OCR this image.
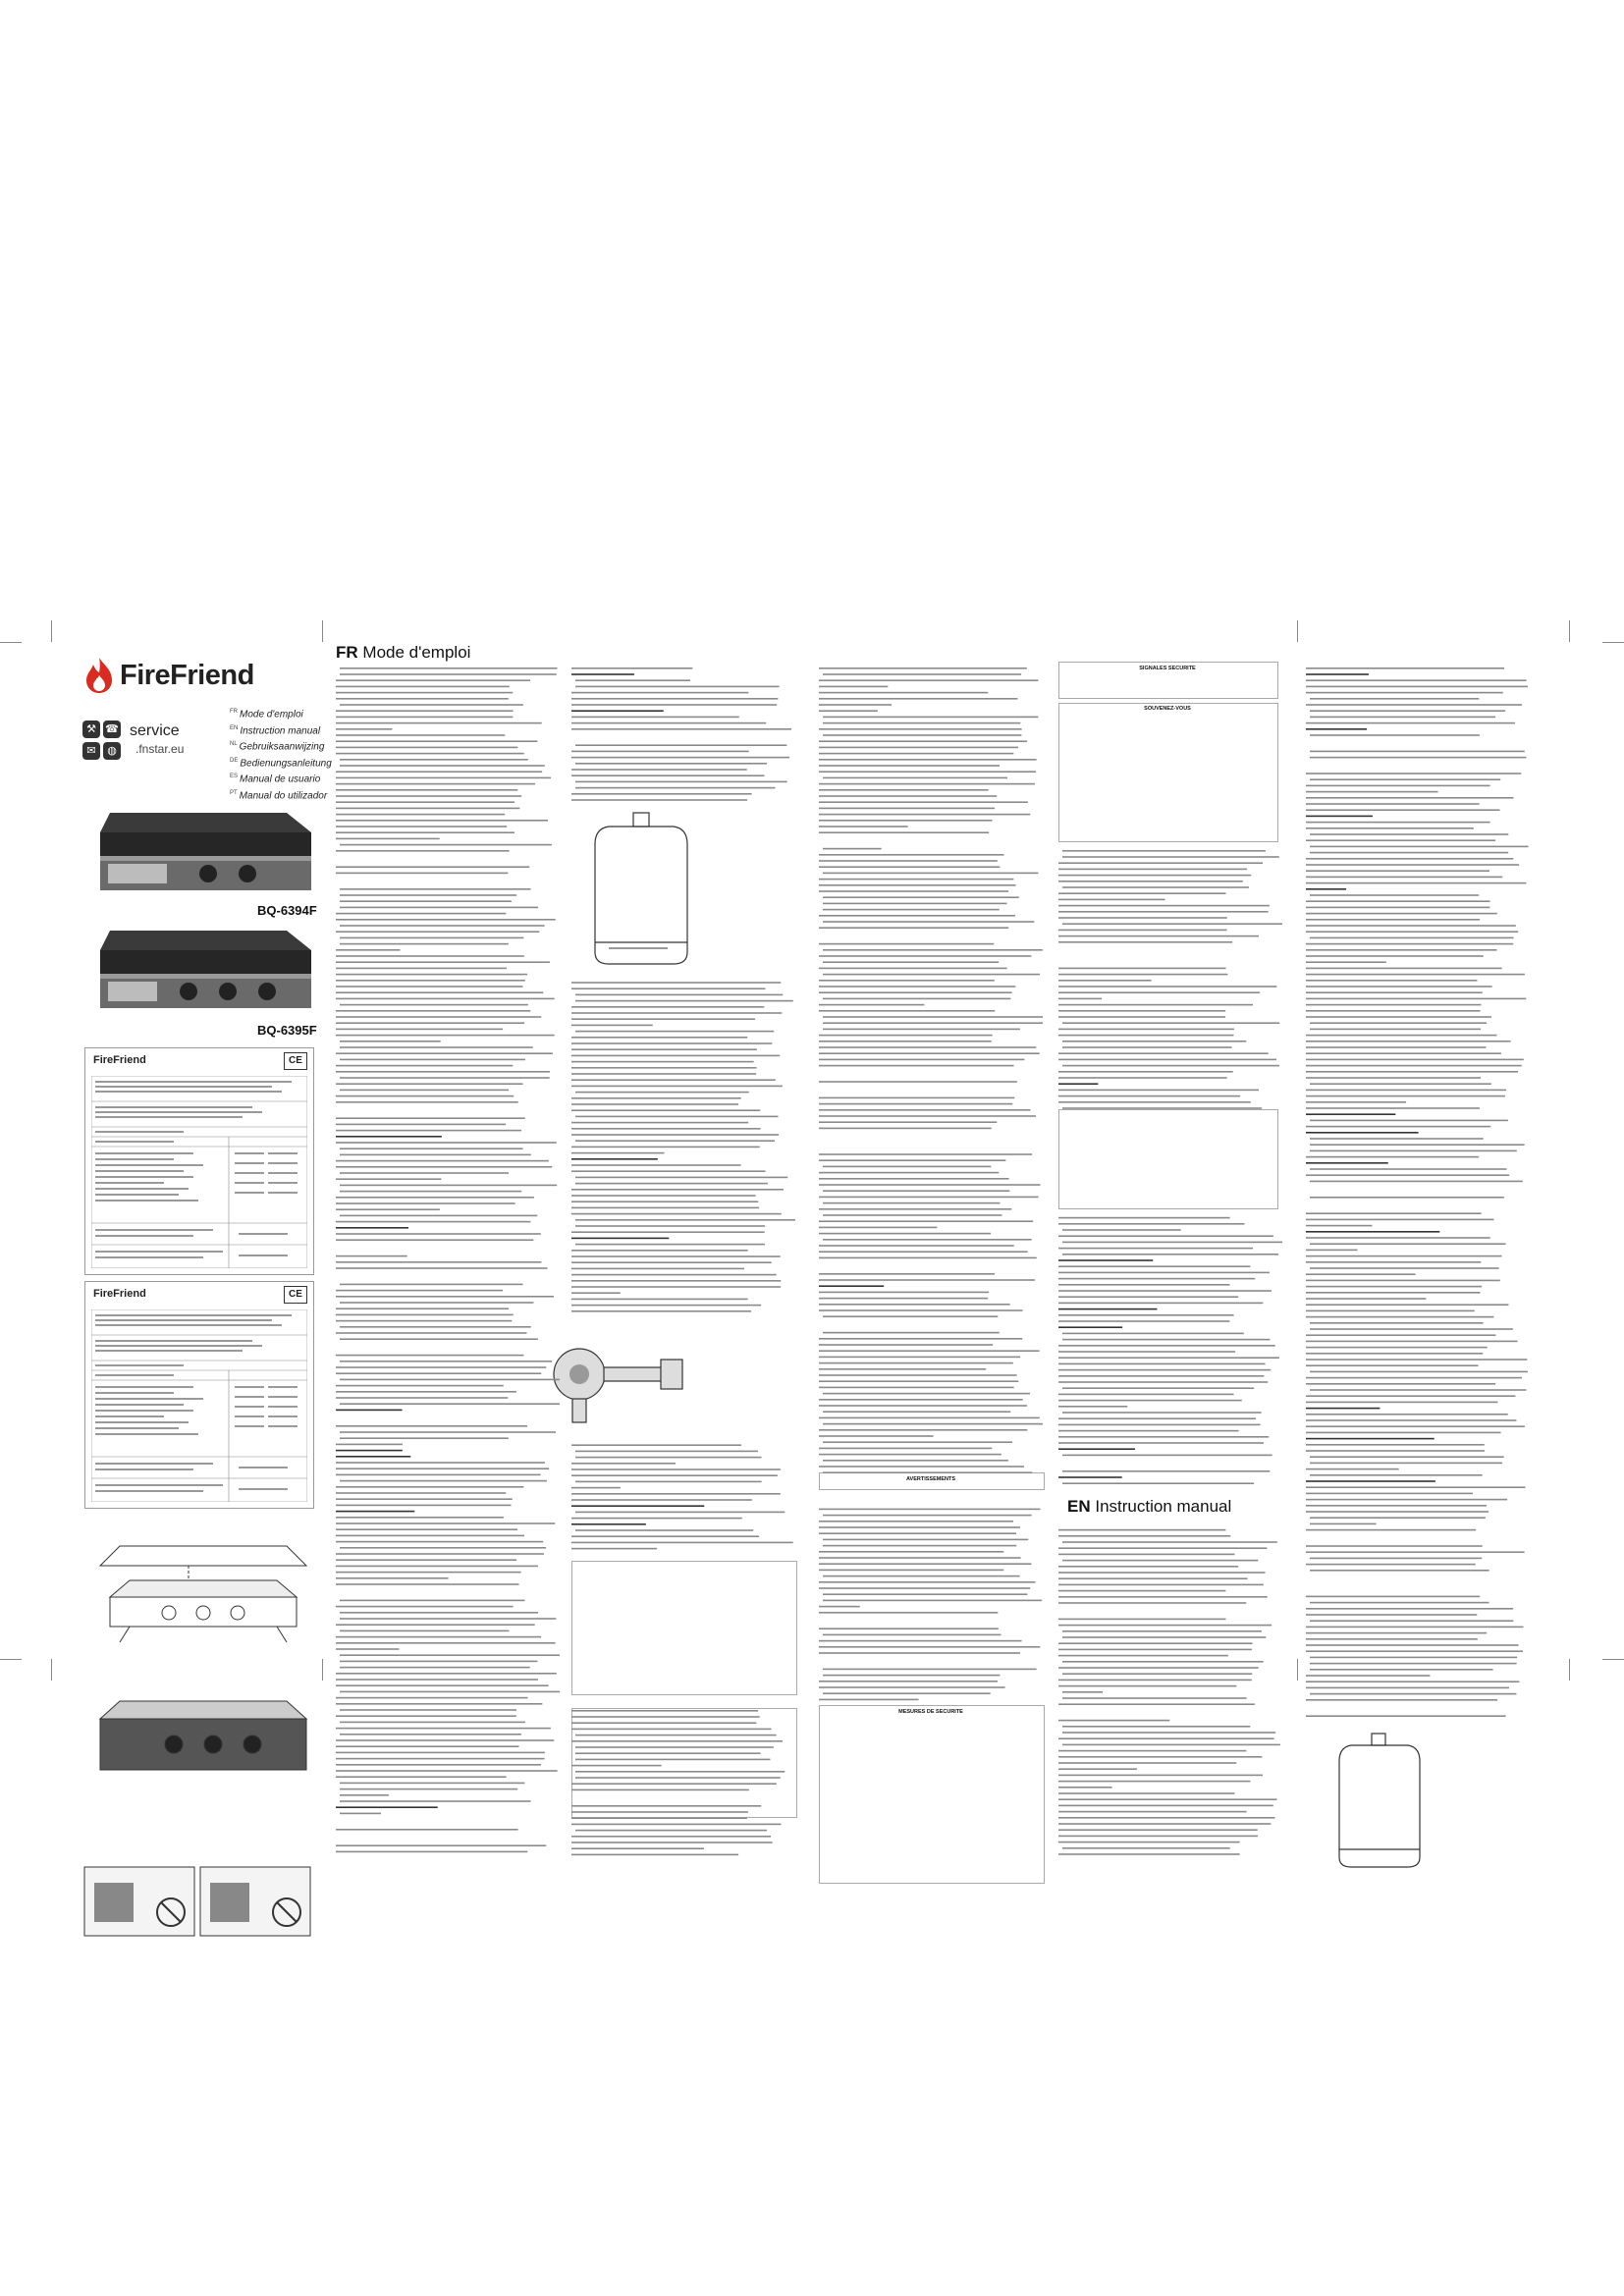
FireFriend
⚒ ☎
✉	◍
service
.fnstar.eu
FR Mode d'emploi
EN Instruction manual
NL Gebruiksaanwijzing
DE Bedienungsanleitung
ES Manual de usuario
PT Manual do utilizador
BQ-6394F
BQ-6395F
FireFriend	CE
FireFriend	CE
FR Mode d'emploi
EN Instruction manual
SIGNALES SECURITE
SOUVENEZ-VOUS
AVERTISSEMENTS
MESURES DE SECURITE
